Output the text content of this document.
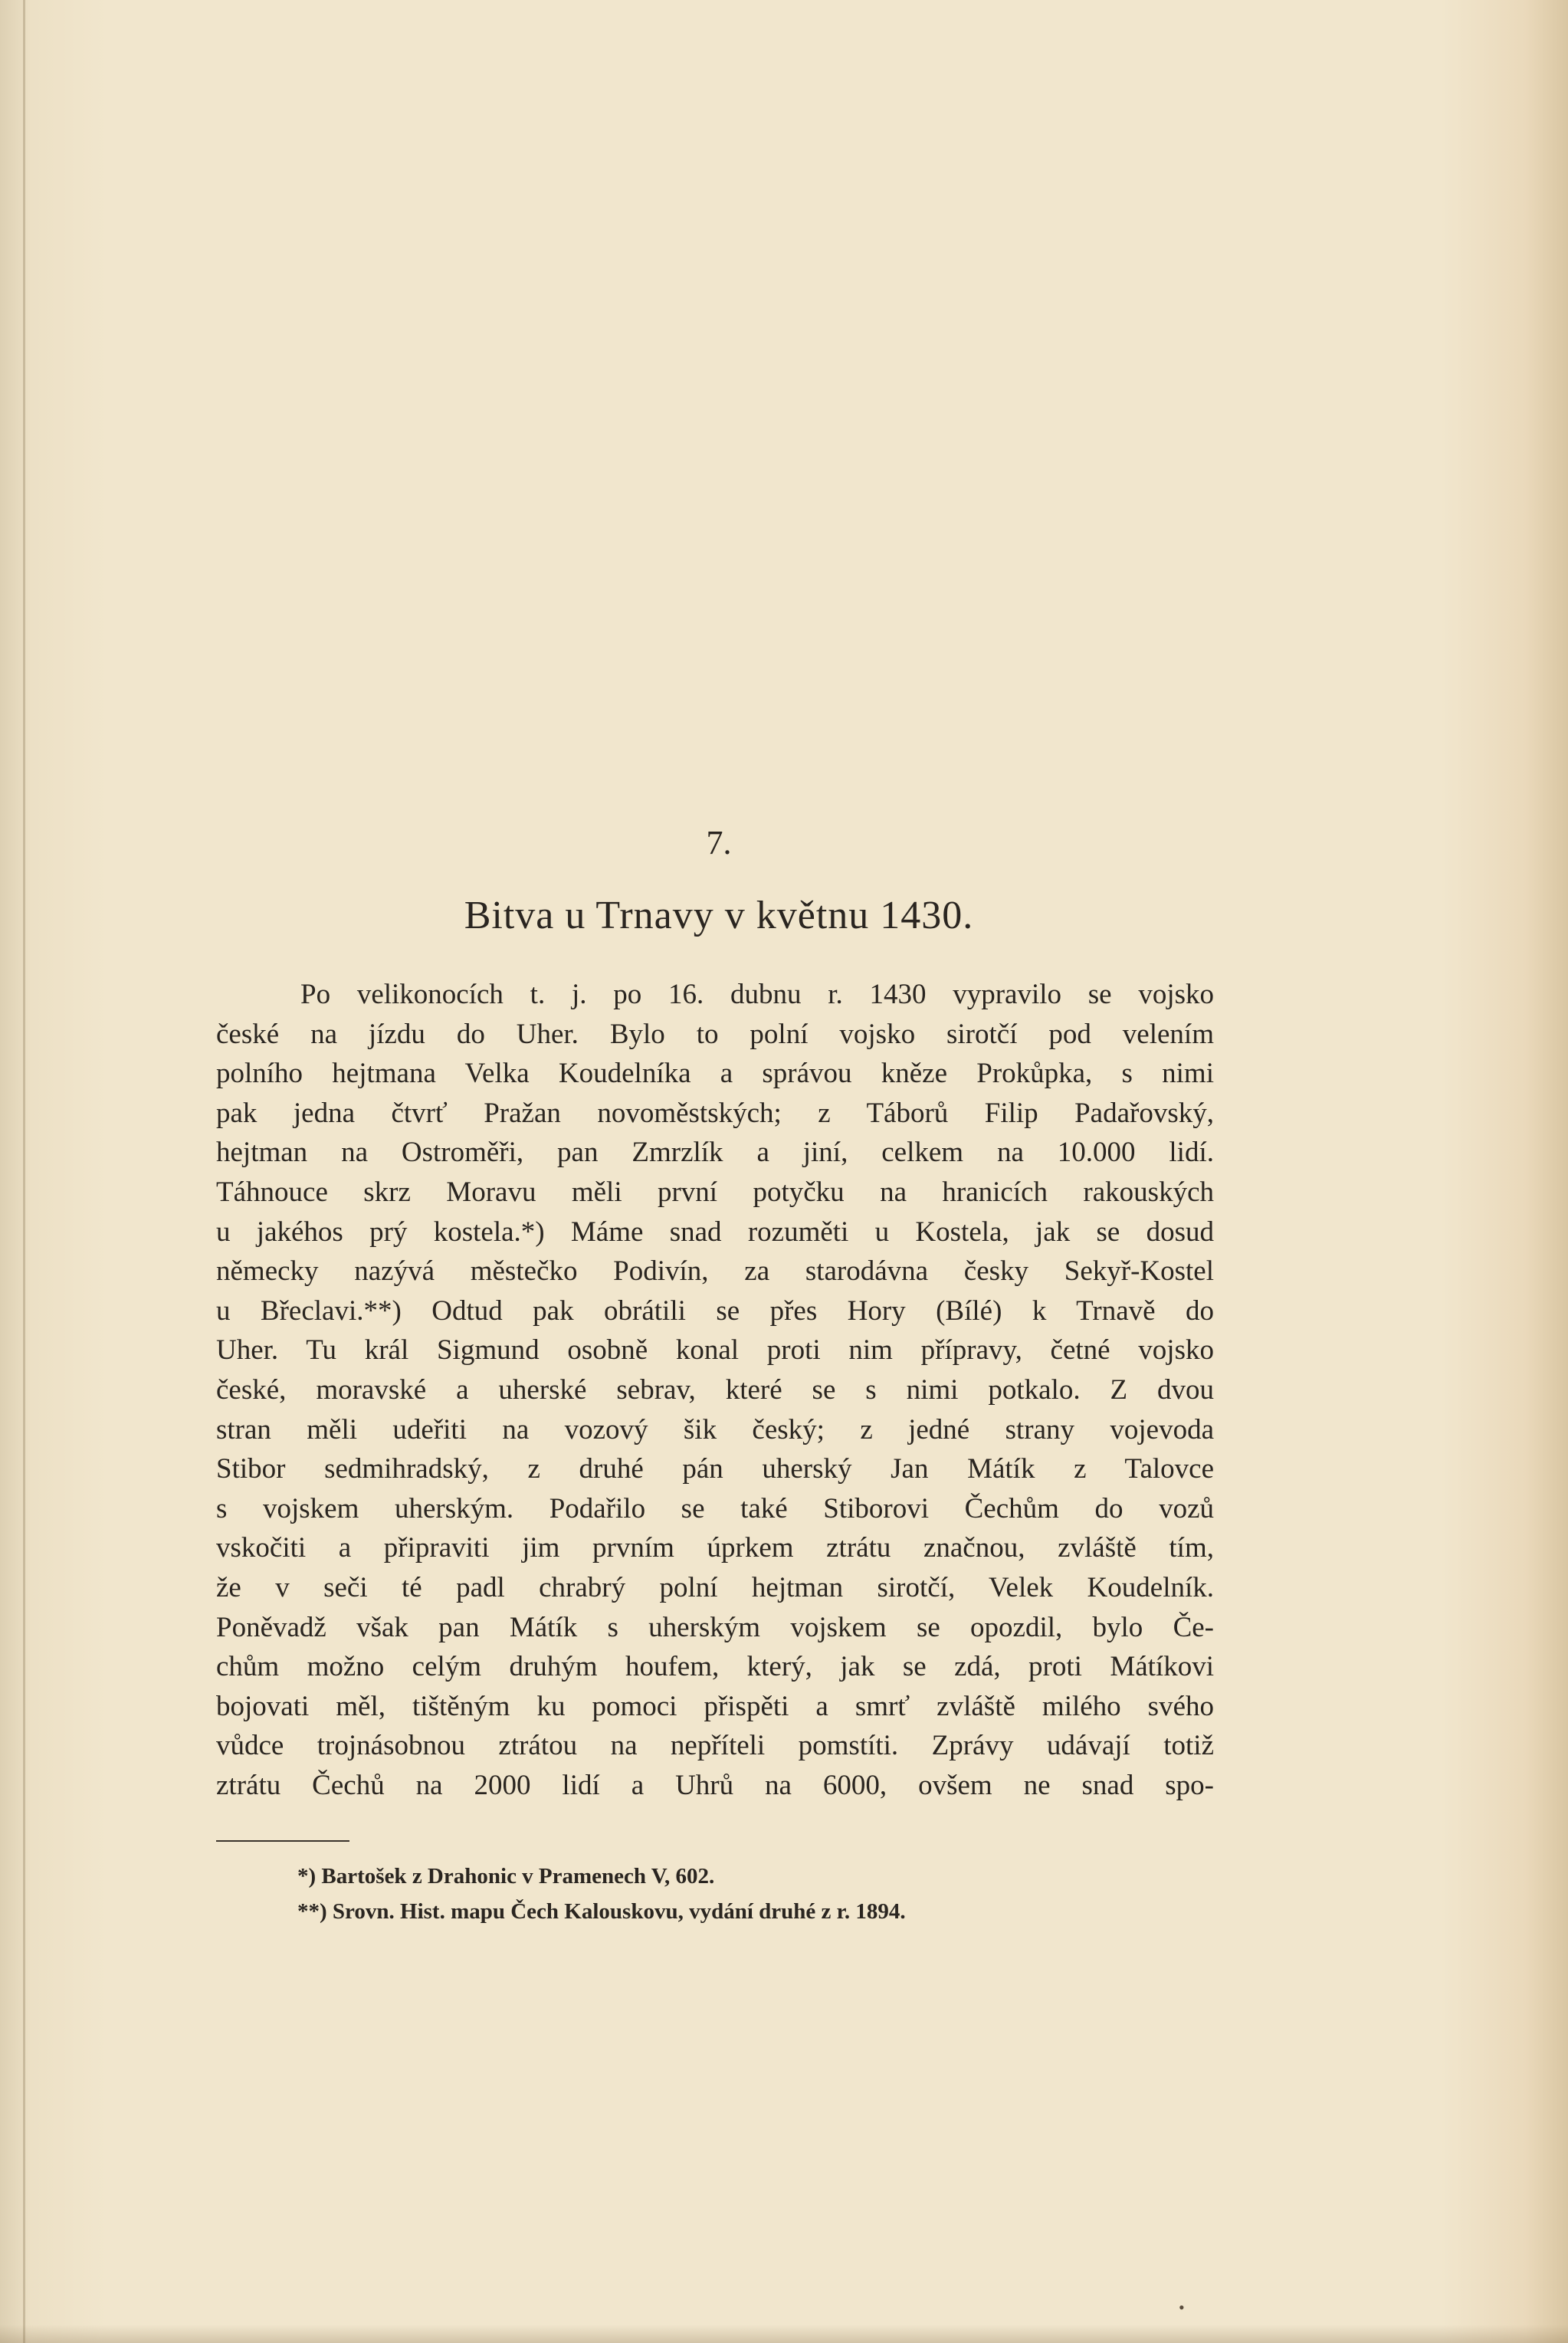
7.
Bitva u Trnavy v květnu 1430.
Po velikonocích t. j. po 16. dubnu r. 1430 vypravilo se vojsko
české na jízdu do Uher. Bylo to polní vojsko sirotčí pod velením
polního hejtmana Velka Koudelníka a správou kněze Prokůpka, s nimi
pak jedna čtvrť Pražan novoměstských; z Táborů Filip Padařovský,
hejtman na Ostroměři, pan Zmrzlík a jiní, celkem na 10.000 lidí.
Táhnouce skrz Moravu měli první potyčku na hranicích rakouských
u jakéhos prý kostela.*) Máme snad rozuměti u Kostela, jak se dosud
německy nazývá městečko Podivín, za starodávna česky Sekyř-Kostel
u Břeclavi.**) Odtud pak obrátili se přes Hory (Bílé) k Trnavě do
Uher. Tu král Sigmund osobně konal proti nim přípravy, četné vojsko
české, moravské a uherské sebrav, které se s nimi potkalo. Z dvou
stran měli udeřiti na vozový šik český; z jedné strany vojevoda
Stibor sedmihradský, z druhé pán uherský Jan Mátík z Talovce
s vojskem uherským. Podařilo se také Stiborovi Čechům do vozů
vskočiti a připraviti jim prvním úprkem ztrátu značnou, zvláště tím,
že v seči té padl chrabrý polní hejtman sirotčí, Velek Koudelník.
Poněvadž však pan Mátík s uherským vojskem se opozdil, bylo Če-
chům možno celým druhým houfem, který, jak se zdá, proti Mátíkovi
bojovati měl, tištěným ku pomoci přispěti a smrť zvláště milého svého
vůdce trojnásobnou ztrátou na nepříteli pomstíti. Zprávy udávají totiž
ztrátu Čechů na 2000 lidí a Uhrů na 6000, ovšem ne snad spo-
*) Bartošek z Drahonic v Pramenech V, 602.
**) Srovn. Hist. mapu Čech Kalouskovu, vydání druhé z r. 1894.
•
